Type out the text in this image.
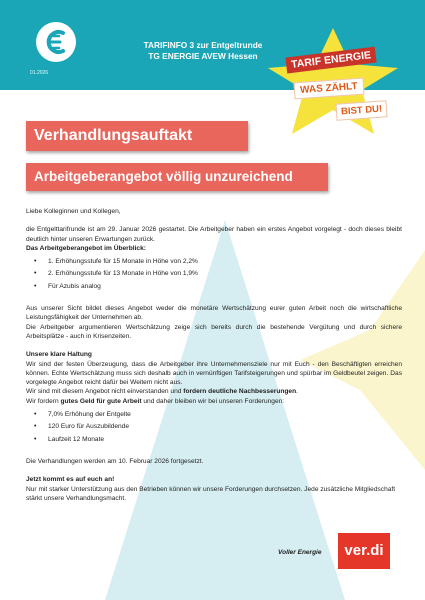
01.2026
TARIFINFO 3 zur Entgeltrunde
TG ENERGIE AVEW Hessen	TARIF ENERGIE
WAS ZÄHLT
BIST DU!
Verhandlungsauftakt
Arbeitgeberangebot völlig unzureichend

Liebe Kolleginnen und Kollegen,

die Entgelttarifrunde ist am 29. Januar 2026 gestartet. Die Arbeitgeber haben ein erstes Angebot vorgelegt - doch dieses bleibt deutlich hinter unseren Erwartungen zurück.

Das Arbeitgeberangebot im Überblick:

• 1. Erhöhungsstufe für 15 Monate in Höhe von 2,2%
• 2. Erhöhungsstufe für 13 Monate in Höhe von 1,9%
• Für Azubis analog

Aus unserer Sicht bildet dieses Angebot weder die monetäre Wertschätzung eurer guten Arbeit noch die wirtschaftliche Leistungsfähigkeit der Unternehmen ab.

Die Arbeitgeber argumentieren Wertschätzung zeige sich bereits durch die bestehende Vergütung und durch sichere Arbeitsplätze - auch in Krisenzeiten.

Unsere klare Haltung

Wir sind der festen Überzeugung, dass die Arbeitgeber ihre Unternehmensziele nur mit Euch - den Beschäftigten erreichen können. Echte Wertschätzung muss sich deshalb auch in vernünftigen Tarifsteigerungen und spürbar im Geldbeutel zeigen. Das vorgelegte Angebot reicht dafür bei Weitem nicht aus.

Wir sind mit diesem Angebot nicht einverstanden und fordern deutliche Nachbesserungen.

Wir fordern gutes Geld für gute Arbeit und daher bleiben wir bei unseren Forderungen:

• 7,0% Erhöhung der Entgelte
• 120 Euro für Auszubildende
• Laufzeit 12 Monate

Die Verhandlungen werden am 10. Februar 2026 fortgesetzt.

Jetzt kommt es auf euch an!

Nur mit starker Unterstützung aus den Betrieben können wir unsere Forderungen durchsetzen. Jede zusätzliche Mitgliedschaft stärkt unsere Verhandlungsmacht.

Voller Energie	ver.di
